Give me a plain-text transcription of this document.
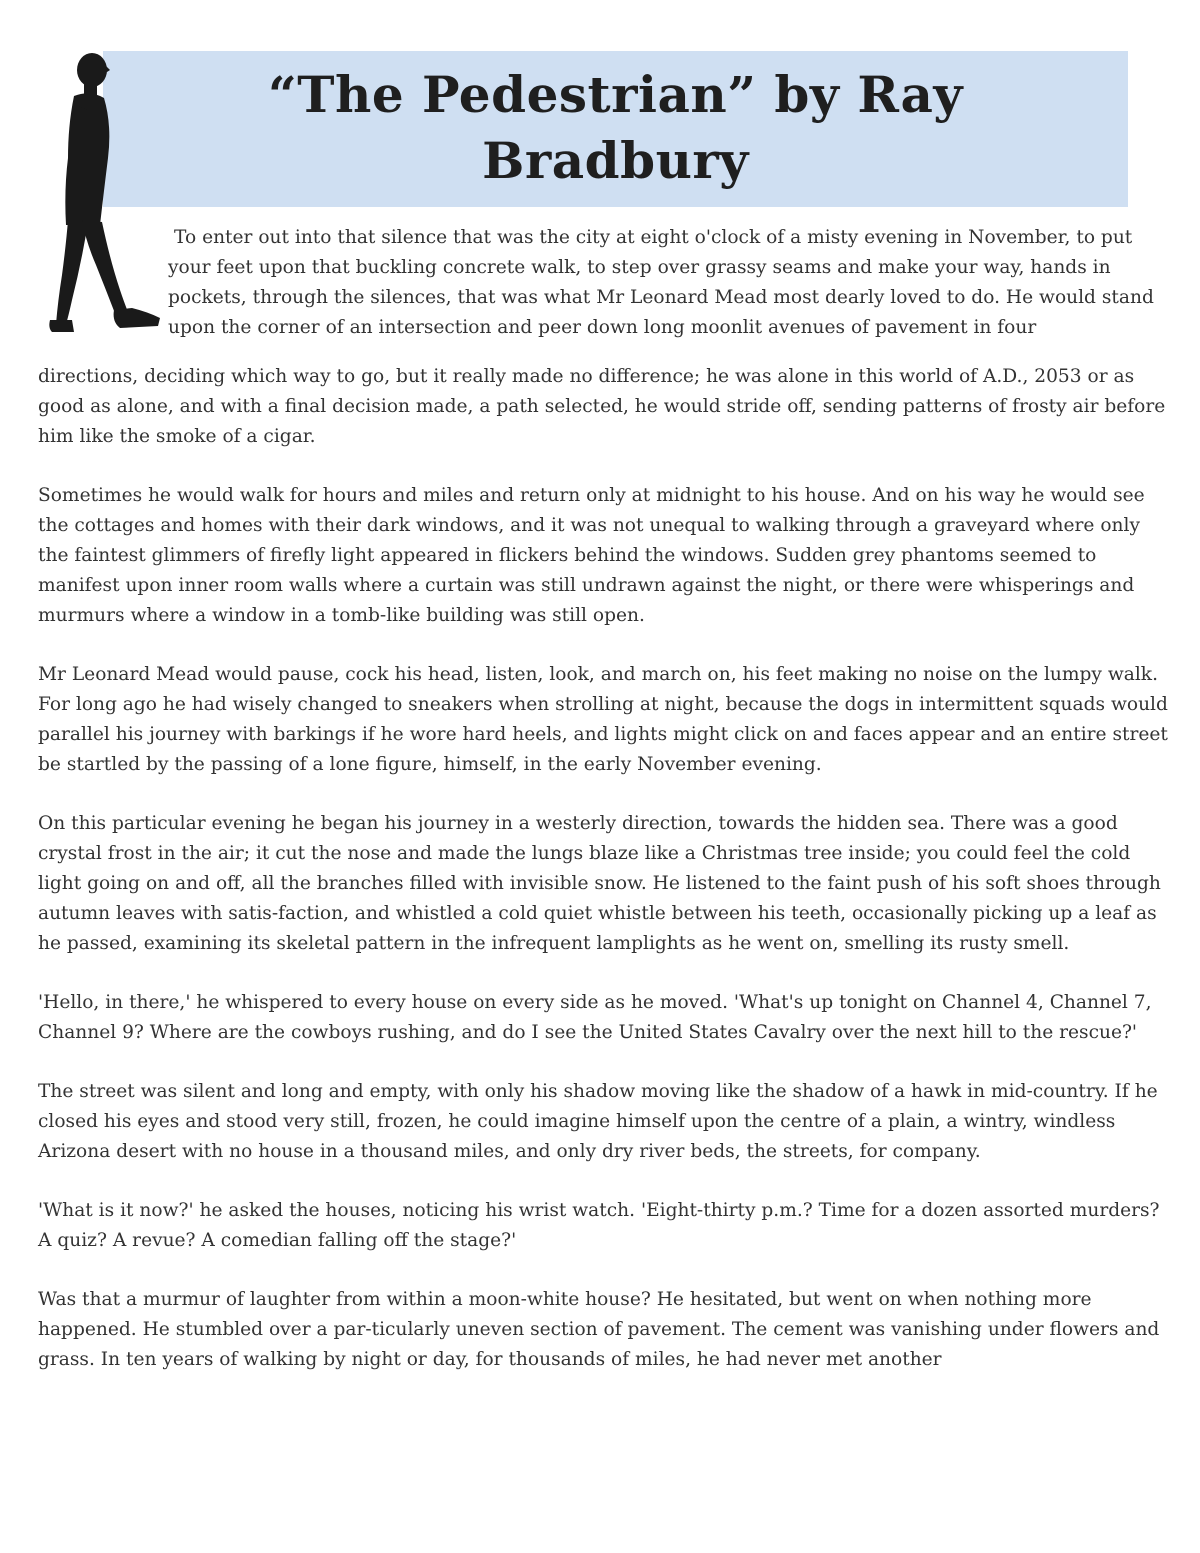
“The Pedestrian” by Ray
Bradbury

To enter out into that silence that was the city at eight o'clock of a misty evening in November, to put your feet upon that buckling concrete walk, to step over grassy seams and make your way, hands in pockets, through the silences, that was what Mr Leonard Mead most dearly loved to do. He would stand upon the corner of an intersection and peer down long moonlit avenues of pavement in four

directions, deciding which way to go, but it really made no difference; he was alone in this world of A.D., 2053 or as good as alone, and with a final decision made, a path selected, he would stride off, sending patterns of frosty air before him like the smoke of a cigar.

Sometimes he would walk for hours and miles and return only at midnight to his house. And on his way he would see the cottages and homes with their dark windows, and it was not unequal to walking through a graveyard where only the faintest glimmers of firefly light appeared in flickers behind the windows. Sudden grey phantoms seemed to manifest upon inner room walls where a curtain was still undrawn against the night, or there were whisperings and murmurs where a window in a tomb-like building was still open.

Mr Leonard Mead would pause, cock his head, listen, look, and march on, his feet making no noise on the lumpy walk. For long ago he had wisely changed to sneakers when strolling at night, because the dogs in intermittent squads would parallel his journey with barkings if he wore hard heels, and lights might click on and faces appear and an entire street be startled by the passing of a lone figure, himself, in the early November evening.

On this particular evening he began his journey in a westerly direction, towards the hidden sea. There was a good crystal frost in the air; it cut the nose and made the lungs blaze like a Christmas tree inside; you could feel the cold light going on and off, all the branches filled with invisible snow. He listened to the faint push of his soft shoes through autumn leaves with satis-faction, and whistled a cold quiet whistle between his teeth, occasionally picking up a leaf as he passed, examining its skeletal pattern in the infrequent lamplights as he went on, smelling its rusty smell.

'Hello, in there,' he whispered to every house on every side as he moved. 'What's up tonight on Channel 4, Channel 7, Channel 9? Where are the cowboys rushing, and do I see the United States Cavalry over the next hill to the rescue?'

The street was silent and long and empty, with only his shadow moving like the shadow of a hawk in mid-country. If he closed his eyes and stood very still, frozen, he could imagine himself upon the centre of a plain, a wintry, windless Arizona desert with no house in a thousand miles, and only dry river beds, the streets, for company.

'What is it now?' he asked the houses, noticing his wrist watch. 'Eight-thirty p.m.? Time for a dozen assorted murders? A quiz? A revue? A comedian falling off the stage?'

Was that a murmur of laughter from within a moon-white house? He hesitated, but went on when nothing more happened. He stumbled over a par-ticularly uneven section of pavement. The cement was vanishing under flowers and grass. In ten years of walking by night or day, for thousands of miles, he had never met another
